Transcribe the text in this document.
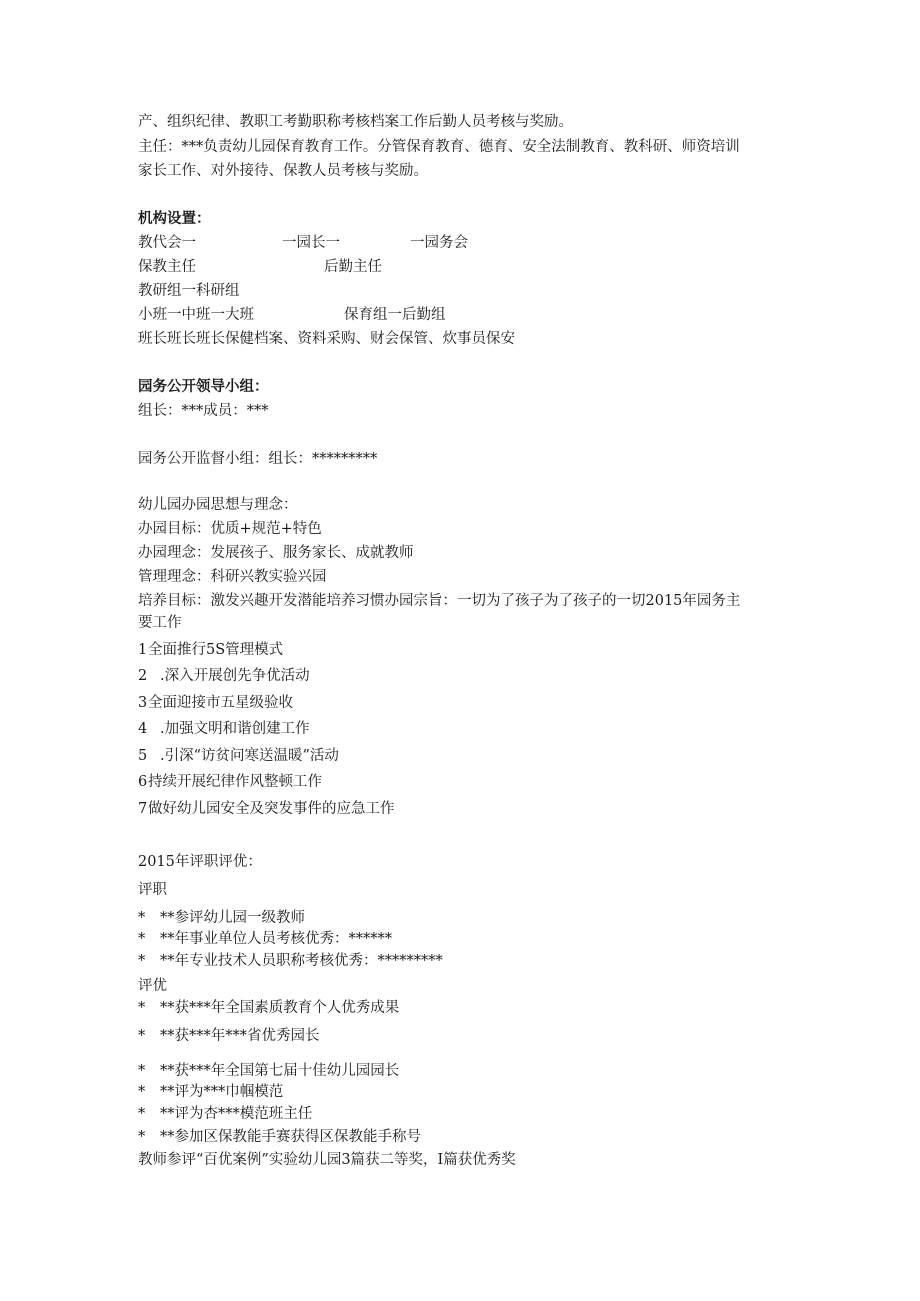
产、组织纪律、教职工考勤职称考核档案工作后勤人员考核与奖励。
主任：***负责幼儿园保育教育工作。分管保育教育、德育、安全法制教育、教科研、师资培训
家长工作、对外接待、保教人员考核与奖励。
机构设置：
教代会一	一园长一	一园务会
保教主任	后勤主任
教研组一科研组
小班一中班一大班	保育组一后勤组
班长班长班长保健档案、资料采购、财会保管、炊事员保安
园务公开领导小组：
组长：***成员：***
园务公开监督小组：组长：*********
幼儿园办园思想与理念：
办园目标：优质+规范+特色
办园理念：发展孩子、服务家长、成就教师
管理理念：科研兴教实验兴园
培养目标：激发兴趣开发潜能培养习惯办园宗旨：一切为了孩子为了孩子的一切2015年园务主
要工作
1 全面推行5S管理模式
2 .深入开展创先争优活动
3 全面迎接市五星级验收
4 .加强文明和谐创建工作
5 .引深“访贫问寒送温暖”活动
6 持续开展纪律作风整顿工作
7 做好幼儿园安全及突发事件的应急工作
2015年评职评优：
评职
* **参评幼儿园一级教师
* **年事业单位人员考核优秀：******
* **年专业技术人员职称考核优秀：*********
评优
* **获***年全国素质教育个人优秀成果
* **获***年***省优秀园长
* **获***年全国第七届十佳幼儿园园长
* **评为***巾帼模范
* **评为杏***模范班主任
* **参加区保教能手赛获得区保教能手称号
教师参评“百优案例”实验幼儿园3篇获二等奖，I篇获优秀奖
